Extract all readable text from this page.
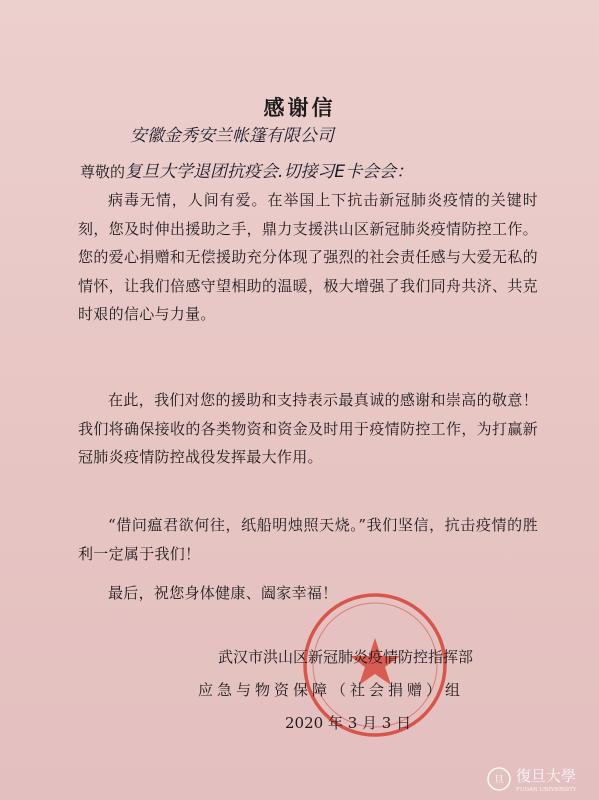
感谢信
安徽金秀安兰帐篷有限公司
尊敬的复旦大学退团抗疫会.切接习E卡会会：

病毒无情，人间有爱。在举国上下抗击新冠肺炎疫情的关键时刻，您及时伸出援助之手，鼎力支援洪山区新冠肺炎疫情防控工作。您的爱心捐赠和无偿援助充分体现了强烈的社会责任感与大爱无私的情怀，让我们倍感守望相助的温暖，极大增强了我们同舟共济、共克时艰的信心与力量。

在此，我们对您的援助和支持表示最真诚的感谢和崇高的敬意！我们将确保接收的各类物资和资金及时用于疫情防控工作，为打赢新冠肺炎疫情防控战役发挥最大作用。

“借问瘟君欲何往，纸船明烛照天烧。”我们坚信，抗击疫情的胜利一定属于我们！

最后，祝您身体健康、阖家幸福！

武汉市洪山区新冠肺炎疫情防控指挥部
应急与物资保障（社会捐赠）组
2020 年 3 月 3 日
旦 復旦大學
FUDAN UNIVERSITY
